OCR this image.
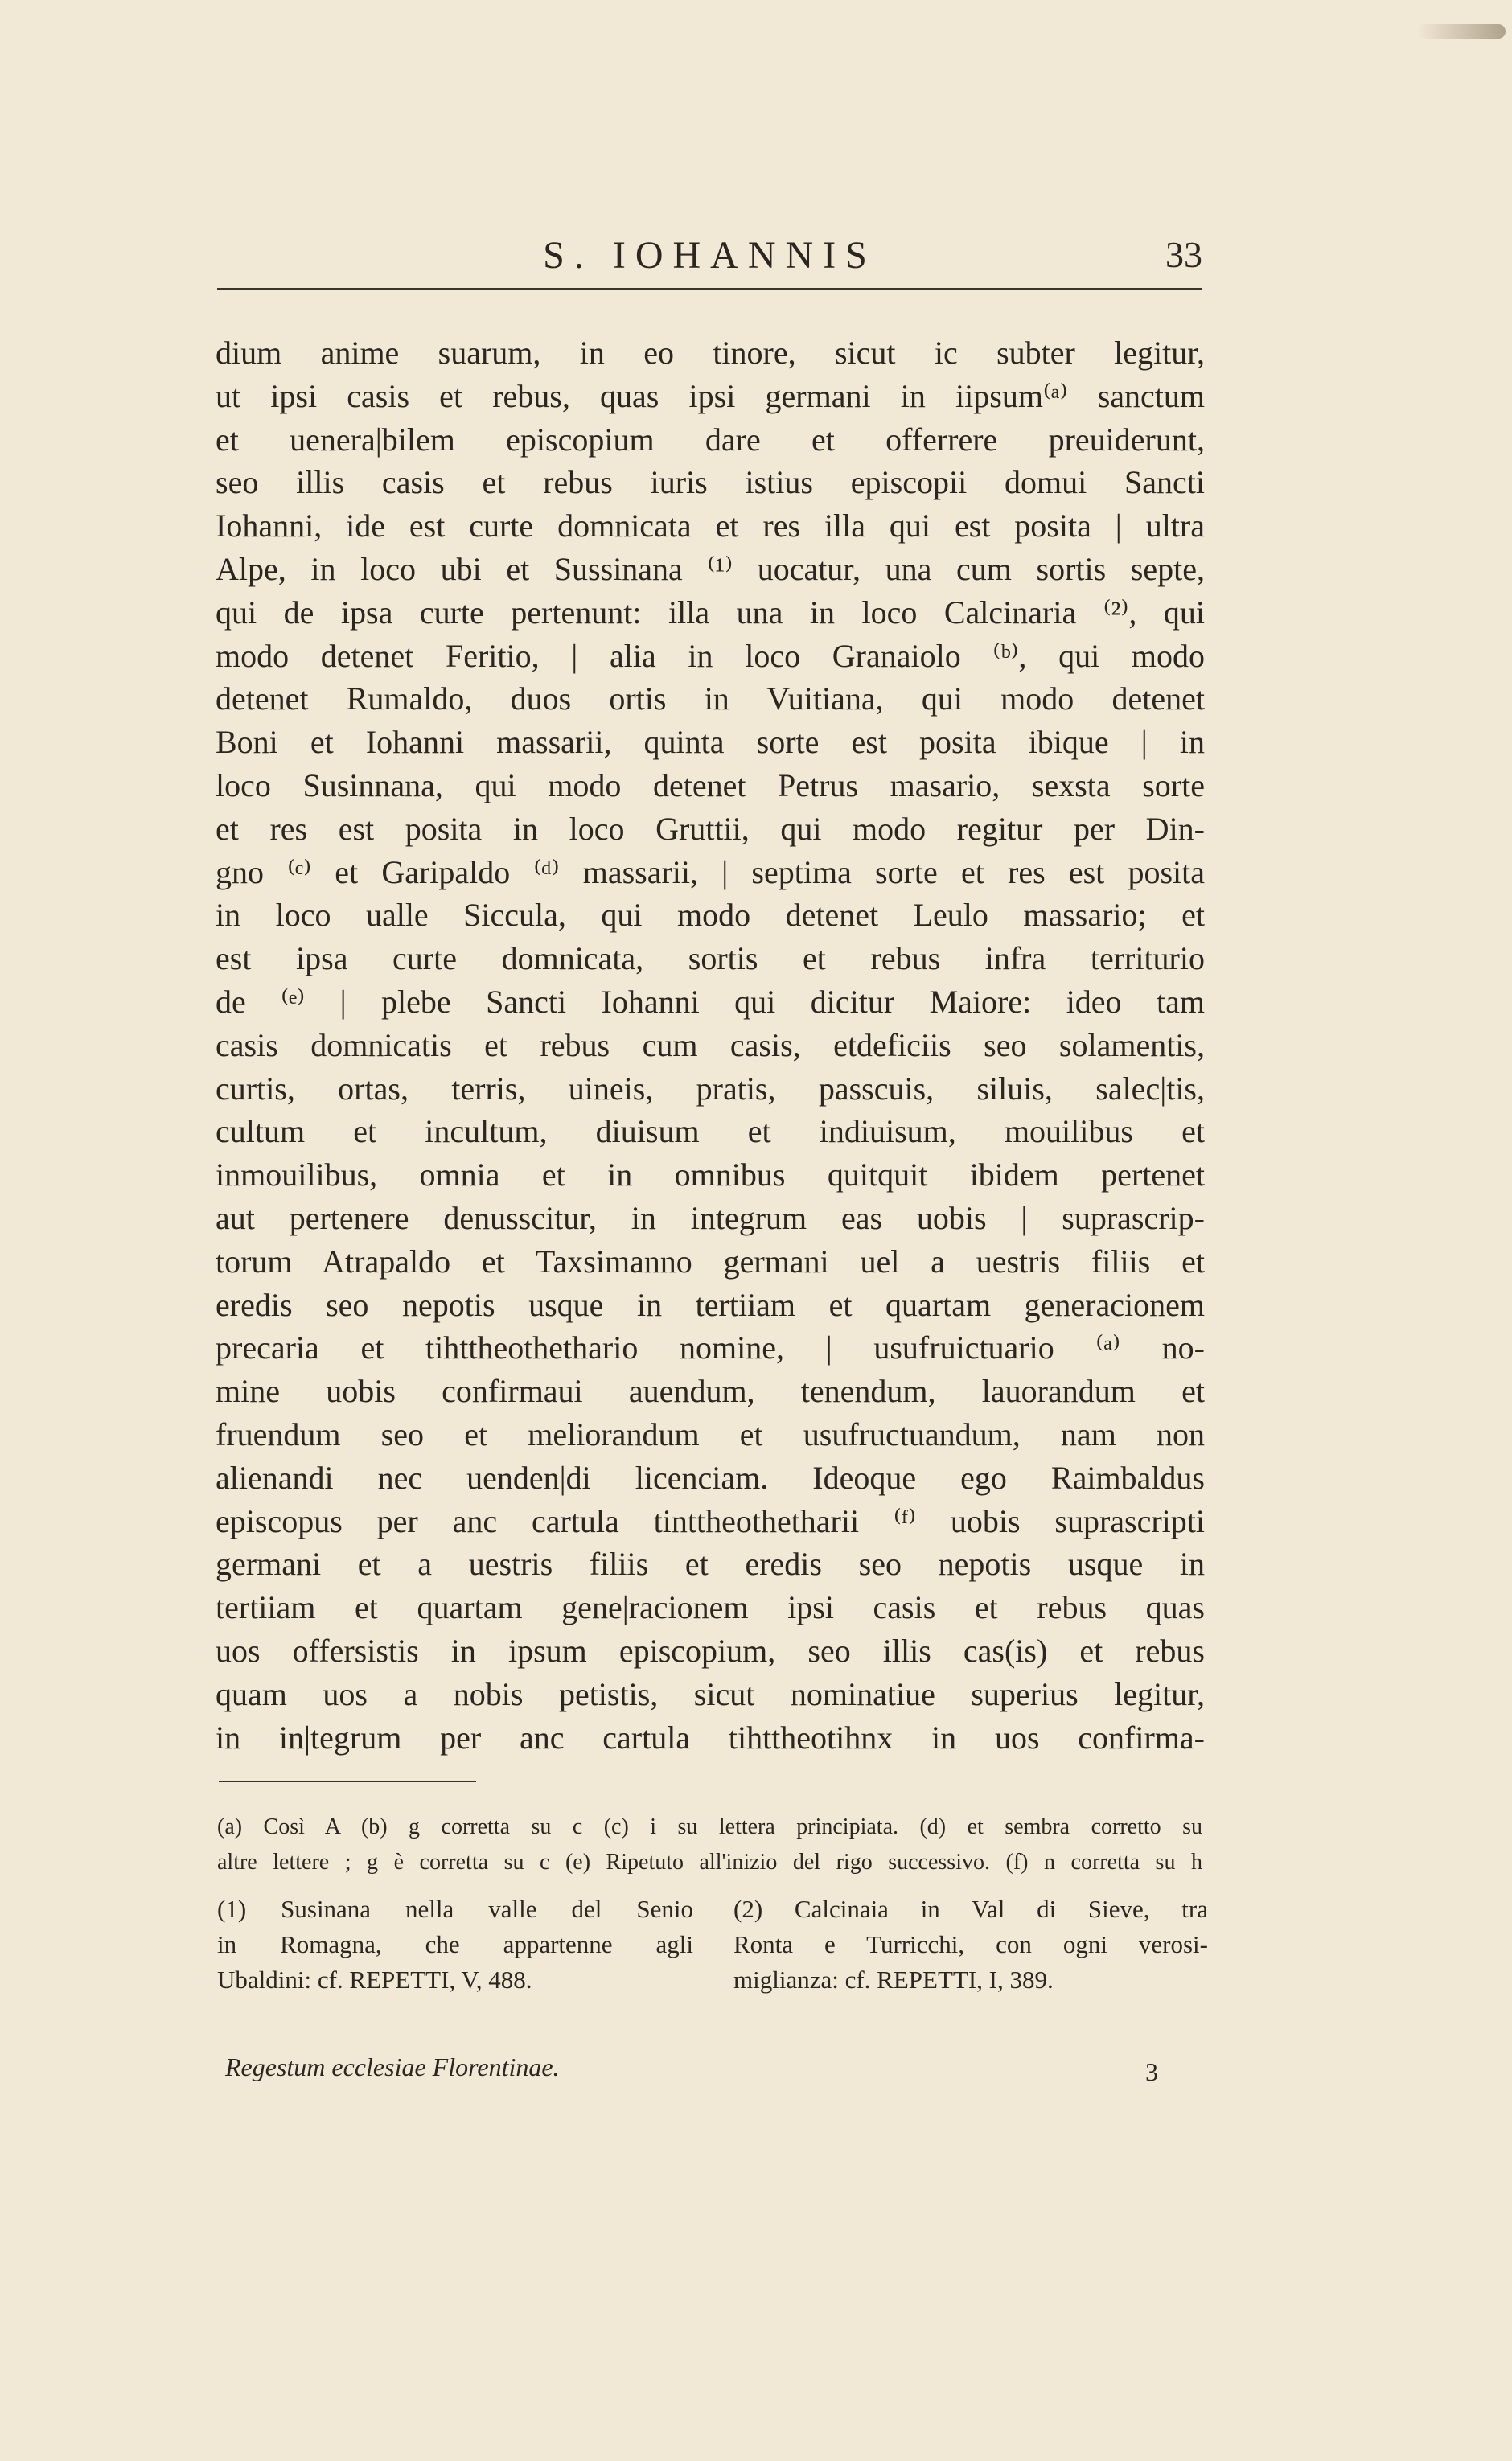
S. IOHANNIS	33
dium anime suarum, in eo tinore, sicut ic subter legitur,
ut ipsi casis et rebus, quas ipsi germani in iipsum⁽ᵃ⁾ sanctum
et uenera|bilem episcopium dare et offerrere preuiderunt,
seo illis casis et rebus iuris istius episcopii domui Sancti
Iohanni, ide est curte domnicata et res illa qui est posita | ultra
Alpe, in loco ubi et Sussinana ⁽¹⁾ uocatur, una cum sortis septe,
qui de ipsa curte pertenunt: illa una in loco Calcinaria ⁽²⁾, qui
modo detenet Feritio, | alia in loco Granaiolo ⁽ᵇ⁾, qui modo
detenet Rumaldo, duos ortis in Vuitiana, qui modo detenet
Boni et Iohanni massarii, quinta sorte est posita ibique | in
loco Susinnana, qui modo detenet Petrus masario, sexsta sorte
et res est posita in loco Gruttii, qui modo regitur per Din-
gno ⁽ᶜ⁾ et Garipaldo ⁽ᵈ⁾ massarii, | septima sorte et res est posita
in loco ualle Siccula, qui modo detenet Leulo massario; et
est ipsa curte domnicata, sortis et rebus infra territurio
de ⁽ᵉ⁾ | plebe Sancti Iohanni qui dicitur Maiore: ideo tam
casis domnicatis et rebus cum casis, etdeficiis seo solamentis,
curtis, ortas, terris, uineis, pratis, passcuis, siluis, salec|tis,
cultum et incultum, diuisum et indiuisum, mouilibus et
inmouilibus, omnia et in omnibus quitquit ibidem pertenet
aut pertenere denusscitur, in integrum eas uobis | suprascrip-
torum Atrapaldo et Taxsimanno germani uel a uestris filiis et
eredis seo nepotis usque in tertiiam et quartam generacionem
precaria et tihttheothethario nomine, | usufruictuario ⁽ᵃ⁾ no-
mine uobis confirmaui auendum, tenendum, lauorandum et
fruendum seo et meliorandum et usufructuandum, nam non
alienandi nec uenden|di licenciam. Ideoque ego Raimbaldus
episcopus per anc cartula tinttheothetharii ⁽ᶠ⁾ uobis suprascripti
germani et a uestris filiis et eredis seo nepotis usque in
tertiiam et quartam gene|racionem ipsi casis et rebus quas
uos offersistis in ipsum episcopium, seo illis cas(is) et rebus
quam uos a nobis petistis, sicut nominatiue superius legitur,
in in|tegrum per anc cartula tihttheotihnx in uos confirma-
(a) Così A (b) g corretta su c (c) i su lettera principiata. (d) et sembra corretto su
altre lettere ; g è corretta su c (e) Ripetuto all'inizio del rigo successivo. (f) n corretta su h
(1) Susinana nella valle del Senio
in Romagna, che appartenne agli
Ubaldini: cf. REPETTI, V, 488.
(2) Calcinaia in Val di Sieve, tra
Ronta e Turricchi, con ogni verosi-
miglianza: cf. REPETTI, I, 389.
Regestum ecclesiae Florentinae.	3
